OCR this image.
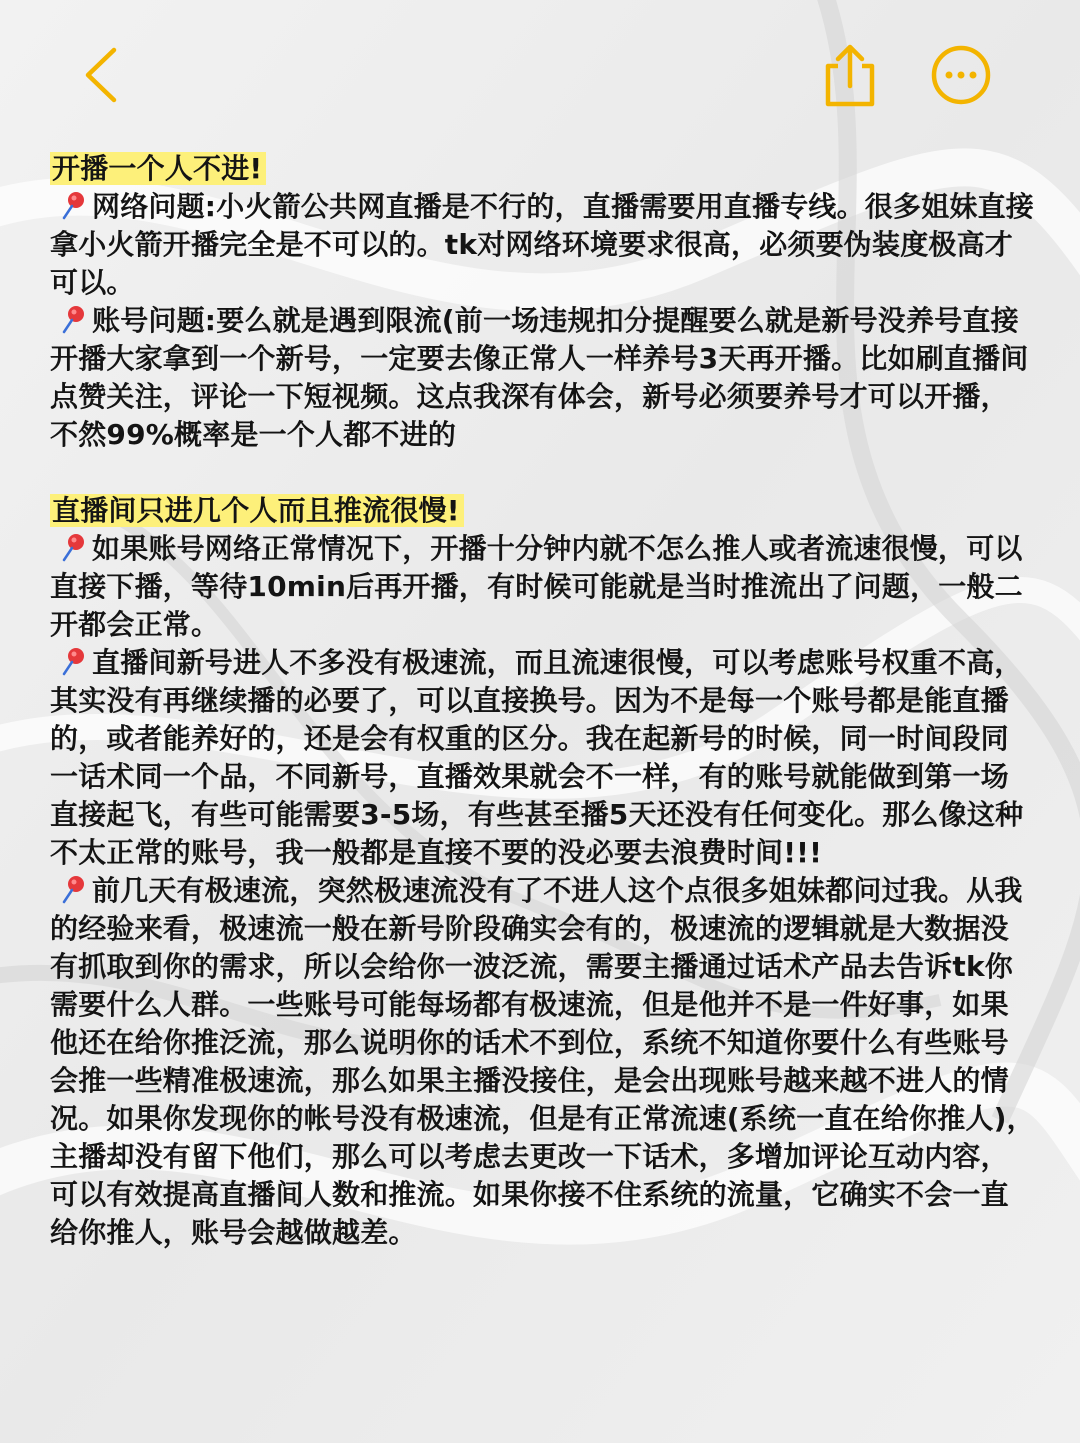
开播一个人不进!

网络问题:小火箭公共网直播是不行的，直播需要用直播专线。很多姐妹直接拿小火箭开播完全是不可以的。tk对网络环境要求很高，必须要伪装度极高才可以。

账号问题:要么就是遇到限流(前一场违规扣分提醒要么就是新号没养号直接开播大家拿到一个新号，一定要去像正常人一样养号3天再开播。比如刷直播间点赞关注，评论一下短视频。这点我深有体会，新号必须要养号才可以开播，不然99%概率是一个人都不进的

直播间只进几个人而且推流很慢!

如果账号网络正常情况下，开播十分钟内就不怎么推人或者流速很慢，可以直接下播，等待10min后再开播，有时候可能就是当时推流出了问题，一般二开都会正常。

直播间新号进人不多没有极速流，而且流速很慢，可以考虑账号权重不高，其实没有再继续播的必要了，可以直接换号。因为不是每一个账号都是能直播的，或者能养好的，还是会有权重的区分。我在起新号的时候，同一时间段同一话术同一个品，不同新号，直播效果就会不一样，有的账号就能做到第一场直接起飞，有些可能需要3-5场，有些甚至播5天还没有任何变化。那么像这种不太正常的账号，我一般都是直接不要的没必要去浪费时间!!!

前几天有极速流，突然极速流没有了不进人这个点很多姐妹都问过我。从我的经验来看，极速流一般在新号阶段确实会有的，极速流的逻辑就是大数据没有抓取到你的需求，所以会给你一波泛流，需要主播通过话术产品去告诉tk你需要什么人群。一些账号可能每场都有极速流，但是他并不是一件好事，如果他还在给你推泛流，那么说明你的话术不到位，系统不知道你要什么有些账号会推一些精准极速流，那么如果主播没接住，是会出现账号越来越不进人的情况。如果你发现你的帐号没有极速流，但是有正常流速(系统一直在给你推人)，主播却没有留下他们，那么可以考虑去更改一下话术，多增加评论互动内容，可以有效提高直播间人数和推流。如果你接不住系统的流量，它确实不会一直给你推人，账号会越做越差。
